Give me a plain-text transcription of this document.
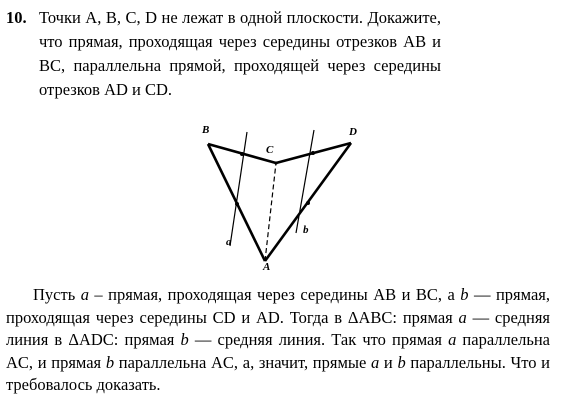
10. Точки A, B, C, D не лежат в одной плоскости. Докажите, что прямая, проходящая через середины отрезков AB и BC, параллельна прямой, проходящей через середины отрезков AD и CD.
B
C
D
A
a
b

Пусть a – прямая, проходящая через середины AB и BC, а b — прямая, проходящая через середины CD и AD. Тогда в ΔABC: прямая a — средняя линия в ΔADC: прямая b — средняя линия. Так что прямая a параллельна AC, и прямая b параллельна AC, а, значит, прямые a и b параллельны. Что и требовалось доказать.
